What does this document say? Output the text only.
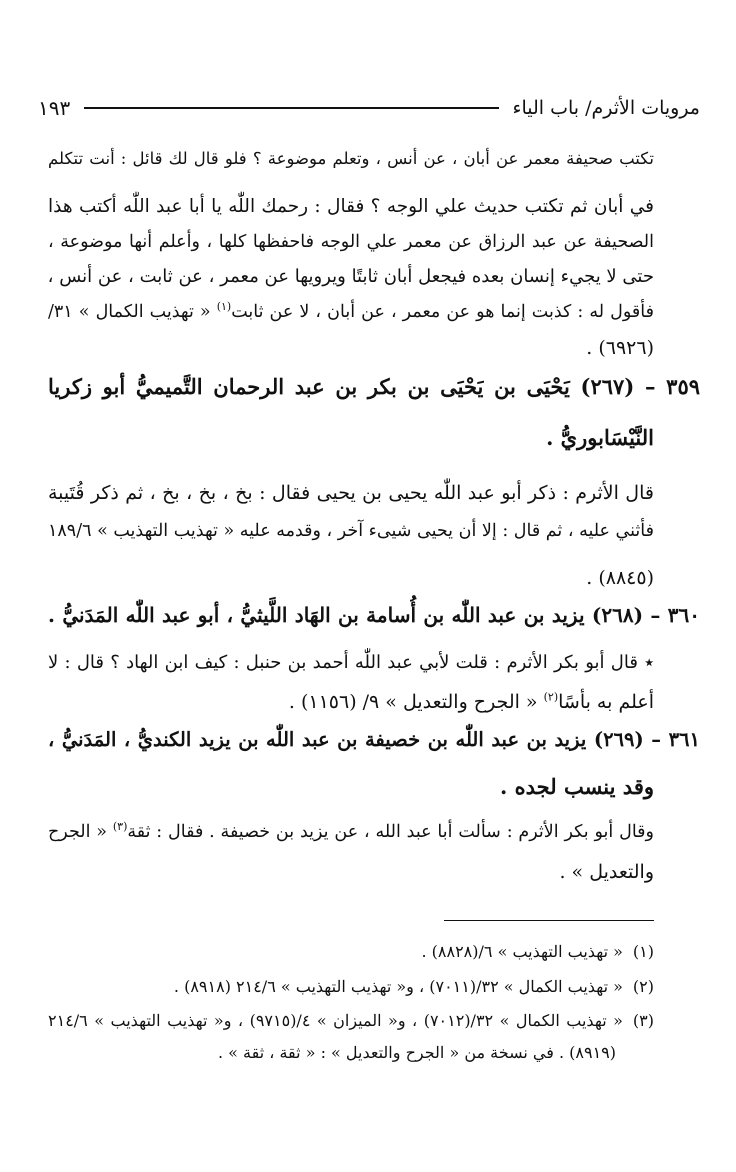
مرويات الأثرم/ باب الياء
١٩٣
تكتب صحيفة معمر عن أبان ، عن أنس ، وتعلم موضوعة ؟ فلو قال لك قائل : أنت تتكلم
في أبان ثم تكتب حديث علي الوجه ؟ فقال : رحمك اللّٰه يا أبا عبد اللّٰه أكتب هذا
الصحيفة عن عبد الرزاق عن معمر علي الوجه فاحفظها كلها ، وأعلم أنها موضوعة ،
حتى لا يجيء إنسان بعده فيجعل أبان ثابتًا ويرويها عن معمر ، عن ثابت ، عن أنس ،
فأقول له : كذبت إنما هو عن معمر ، عن أبان ، لا عن ثابت$^{(١)}$ « تهذيب الكمال » ٣١/
(٦٩٢٦) .
٣٥٩ – (٢٦٧) يَحْيَى بن يَحْيَى بن بكر بن عبد الرحمان التَّميميُّ أبو زكريا
النَّيْسَابوريُّ .
قال الأثرم : ذكر أبو عبد اللّٰه يحيى بن يحيى فقال : بخ ، بخ ، بخ ، ثم ذكر قُتَيبة
فأثني عليه ، ثم قال : إلا أن يحيى شيىء آخر ، وقدمه عليه « تهذيب التهذيب » ١٨٩/٦
(٨٨٤٥) .
٣٦٠ – (٢٦٨) يزيد بن عبد اللّٰه بن أُسامة بن الهَاد اللَّيثيُّ ، أبو عبد اللّٰه المَدَنيُّ .
٭ قال أبو بكر الأثرم : قلت لأبي عبد اللّٰه أحمد بن حنبل : كيف ابن الهاد ؟ قال : لا
أعلم به بأسًا$^{(٢)}$ « الجرح والتعديل » ٩/ (١١٥٦) .
٣٦١ – (٢٦٩) يزيد بن عبد اللّٰه بن خصيفة بن عبد اللّٰه بن يزيد الكنديُّ ، المَدَنيُّ ،
وقد ينسب لجده .
وقال أبو بكر الأثرم : سألت أبا عبد الله ، عن يزيد بن خصيفة . فقال : ثقة$^{(٣)}$ « الجرح
والتعديل » .
(١)« تهذيب التهذيب » ٦/(٨٨٢٨) .
(٢)« تهذيب الكمال » ٣٢/(٧٠١١) ، و« تهذيب التهذيب » ٢١٤/٦ (٨٩١٨) .
(٣)« تهذيب الكمال » ٣٢/(٧٠١٢) ، و« الميزان » ٤/(٩٧١٥) ، و« تهذيب التهذيب » ٢١٤/٦
(٨٩١٩) . في نسخة من « الجرح والتعديل » : « ثقة ، ثقة » .
